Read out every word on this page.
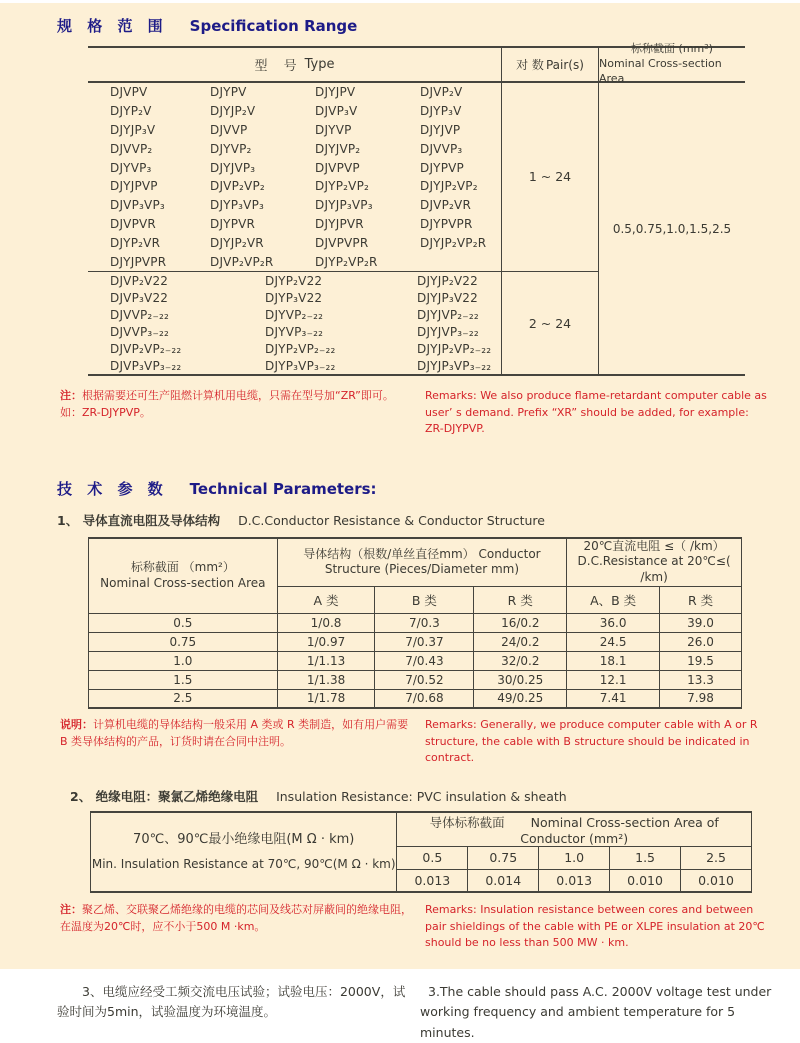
规 格 范 围 Specification Range
型 号 Type	对 数 Pair(s)
标称截面 (mm²)
Nominal Cross-section Area
DJVPV	DJYPV	DJYJPV	DJVP₂V
DJYP₂V	DJYJP₂V	DJVP₃V	DJYP₃V
DJYJP₃V	DJVVP	DJYVP	DJYJVP
DJVVP₂	DJYVP₂	DJYJVP₂	DJVVP₃
DJYVP₃	DJYJVP₃	DJVPVP	DJYPVP
DJYJPVP	DJVP₂VP₂	DJYP₂VP₂	DJYJP₂VP₂
DJVP₃VP₃	DJYP₃VP₃	DJYJP₃VP₃	DJVP₂VR
DJVPVR	DJYPVR	DJYJPVR	DJYPVPR
DJYP₂VR	DJYJP₂VR	DJVPVPR	DJYJP₂VP₂R
DJYJPVPR	DJVP₂VP₂R	DJYP₂VP₂R
1 ~ 24
0.5,0.75,1.0,1.5,2.5
DJVP₂V22	DJYP₂V22	DJYJP₂V22
DJVP₃V22	DJYP₃V22	DJYJP₃V22
DJVVP₂₋₂₂	DJYVP₂₋₂₂	DJYJVP₂₋₂₂
DJVVP₃₋₂₂	DJYVP₃₋₂₂	DJYJVP₃₋₂₂
DJVP₂VP₂₋₂₂	DJYP₂VP₂₋₂₂	DJYJP₂VP₂₋₂₂
DJVP₃VP₃₋₂₂	DJYP₃VP₃₋₂₂	DJYJP₃VP₃₋₂₂
2 ~ 24

注：根据需要还可生产阻燃计算机用电缆，只需在型号加“ZR”即可。如：ZR-DJYPVP。

Remarks: We also produce flame-retardant computer cable as user’ s demand. Prefix “XR” should be added, for example: ZR-DJYPVP.

技 术 参 数 Technical Parameters:
1、 导体直流电阻及导体结构 D.C.Conductor Resistance & Conductor Structure
标称截面 （mm²）
Nominal Cross-section Area

导体结构（根数/单丝直径mm） Conductor
Structure (Pieces/Diameter mm)

20℃直流电阻 ≤（ /km）
D.C.Resistance at 20℃≤( /km)

	A 类	B 类	R 类	A、B 类	R 类
0.5	1/0.8	7/0.3	16/0.2	36.0	39.0
0.75	1/0.97	7/0.37	24/0.2	24.5	26.0
1.0	1/1.13	7/0.43	32/0.2	18.1	19.5
1.5	1/1.38	7/0.52	30/0.25	12.1	13.3
2.5	1/1.78	7/0.68	49/0.25	7.41	7.98

说明：计算机电缆的导体结构一般采用 A 类或 R 类制造，如有用户需要 B 类导体结构的产品，订货时请在合同中注明。

Remarks: Generally, we produce computer cable with A or R structure, the cable with B structure should be indicated in contract.

2、 绝缘电阻：聚氯乙烯绝缘电阻 Insulation Resistance: PVC insulation & sheath
70℃、90℃最小绝缘电阻(M Ω · km)
Min. Insulation Resistance at 70℃, 90℃(M Ω · km)	导体标称截面 Nominal Cross-section Area of Conductor (mm²)				
	0.5	0.75	1.0	1.5	2.5
	0.013	0.014	0.013	0.010	0.010

注：聚乙烯、交联聚乙烯绝缘的电缆的芯间及线芯对屏蔽间的绝缘电阻，在温度为20℃时，应不小于500 M ·km。

Remarks: Insulation resistance between cores and between pair shieldings of the cable with PE or XLPE insulation at 20℃ should be no less than 500 MW · km.

3、电缆应经受工频交流电压试验；试验电压：2000V，试验时间为5min，试验温度为环境温度。

3.The cable should pass A.C. 2000V voltage test under working frequency and ambient temperature for 5 minutes.
